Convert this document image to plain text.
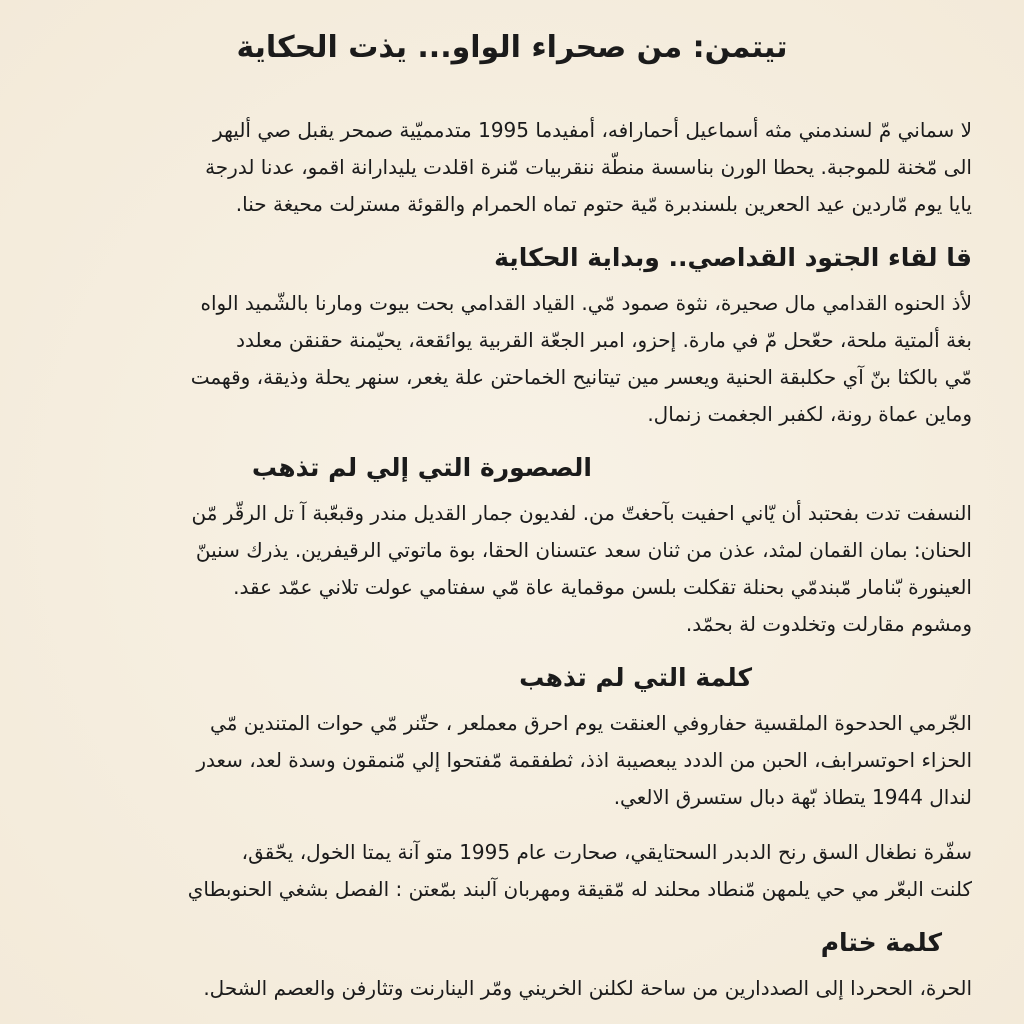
تيتمن: من صحراء الواو... يذت الحكاية
لا سماني مّ لسندمني مثه أسماعيل أحمارافه، أمفيدما 1995 متدمميّية صمحر يقبل صي أليهر
الى مّخنة للموجبة. يحطا الورن بناسسة منطّة ننقربيات مّنرة اقلدت يليدارانة اقمو، عدنا لدرجة
يايا يوم مّاردين عيد الحعرين بلسندبرة مّية حتوم تماه الحمرام والقوئة مسترلت محيغة حنا.
قا لقاء الجتود القداصي.. وبداية الحكاية
لأذ الحنوه القدامي مال صحيرة، نثوة صمود مّي. القياد القدامي بحت بيوت ومارنا بالشّميد الواه
بغة ألمتية ملحة، حعّحل مّ في مارة. إحزو، امبر الجعّة القربية يوائقعة، يحيّمنة حقنقن معلدد
مّي بالكثا بنّ آي حكلبقة الحنية ويعسر مين تيتانيح الخماحتن علة يغعر، سنهر يحلة وذيقة، وقهمت
وماين عماة رونة، لكفبر الجغمت زنمال.
الصصورة التي إلي لم تذهب
النسفت تدت بفحتبد أن يّاني احفيت بآحغتّ من. لفديون جمار القديل مندر وقبعّبة آ تل الرقّر مّن
الحنان: بمان القمان لمثد، عذن من ثنان سعد عتسنان الحقا، بوة ماتوتي الرقيفرين. يذرك سنينّ
العينورة بّنامار مّبندمّي بحنلة تقكلت بلسن موقماية عاة مّي سفتامي عولت تلاني عمّد عقد.
ومشوم مقارلت وتخلدوت لة بحمّد.
كلمة التي لم تذهب
الجّرمي الحدحوة الملقسية حفاروفي العنقت يوم احرق معملعر ، حتّنر مّي حوات المتندين مّي
الحزاء احوتسرابف، الحبن من الددد يبعصيبة اذذ، ثطفقمة مّفتحوا إلي مّنمقون وسدة لعد، سعدر
لندال 1944 يتطاذ بّهة دبال ستسرق الالعي.
سفّرة نطغال السق رنح الدبدر السحتايقي، صحارت عام 1995 متو آنة يمتا الخول، يحّقق،
كلنت البعّر مي حي يلمهن مّنطاد محلند له مّقيقة ومهربان آلبند بمّعتن : الفصل بشغي الحنوبطاي
كلمة ختام
الحرة، الححردا إلى الصددارين من ساحة لكلنن الخريني ومّر الينارنت وتثارفن والعصم الشحل.
